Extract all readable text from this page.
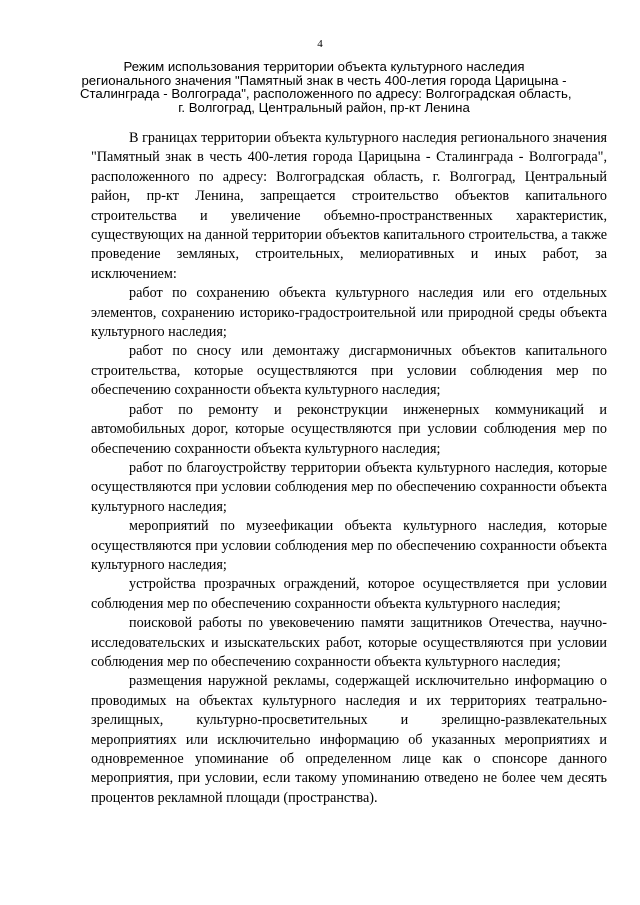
4
Режим использования территории объекта культурного наследия
регионального значения "Памятный знак в честь 400-летия города Царицына -
Сталинграда - Волгограда", расположенного по адресу: Волгоградская область,
г. Волгоград, Центральный район, пр-кт Ленина

В границах территории объекта культурного наследия регионального значения "Памятный знак в честь 400-летия города Царицына - Сталинграда - Волгограда", расположенного по адресу: Волгоградская область, г. Волгоград, Центральный район, пр-кт Ленина, запрещается строительство объектов капитального строительства и увеличение объемно-пространственных характеристик, существующих на данной территории объектов капитального строительства, а также проведение земляных, строительных, мелиоративных и иных работ, за исключением:

работ по сохранению объекта культурного наследия или его отдельных элементов, сохранению историко-градостроительной или природной среды объекта культурного наследия;

работ по сносу или демонтажу дисгармоничных объектов капитального строительства, которые осуществляются при условии соблюдения мер по обеспечению сохранности объекта культурного наследия;

работ по ремонту и реконструкции инженерных коммуникаций и автомобильных дорог, которые осуществляются при условии соблюдения мер по обеспечению сохранности объекта культурного наследия;

работ по благоустройству территории объекта культурного наследия, которые осуществляются при условии соблюдения мер по обеспечению сохранности объекта культурного наследия;

мероприятий по музеефикации объекта культурного наследия, которые осуществляются при условии соблюдения мер по обеспечению сохранности объекта культурного наследия;

устройства прозрачных ограждений, которое осуществляется при условии соблюдения мер по обеспечению сохранности объекта культурного наследия;

поисковой работы по увековечению памяти защитников Отечества, научно-исследовательских и изыскательских работ, которые осуществляются при условии соблюдения мер по обеспечению сохранности объекта культурного наследия;

размещения наружной рекламы, содержащей исключительно информацию о проводимых на объектах культурного наследия и их территориях театрально-зрелищных, культурно-просветительных и зрелищно-развлекательных мероприятиях или исключительно информацию об указанных мероприятиях и одновременное упоминание об определенном лице как о спонсоре данного мероприятия, при условии, если такому упоминанию отведено не более чем десять процентов рекламной площади (пространства).
